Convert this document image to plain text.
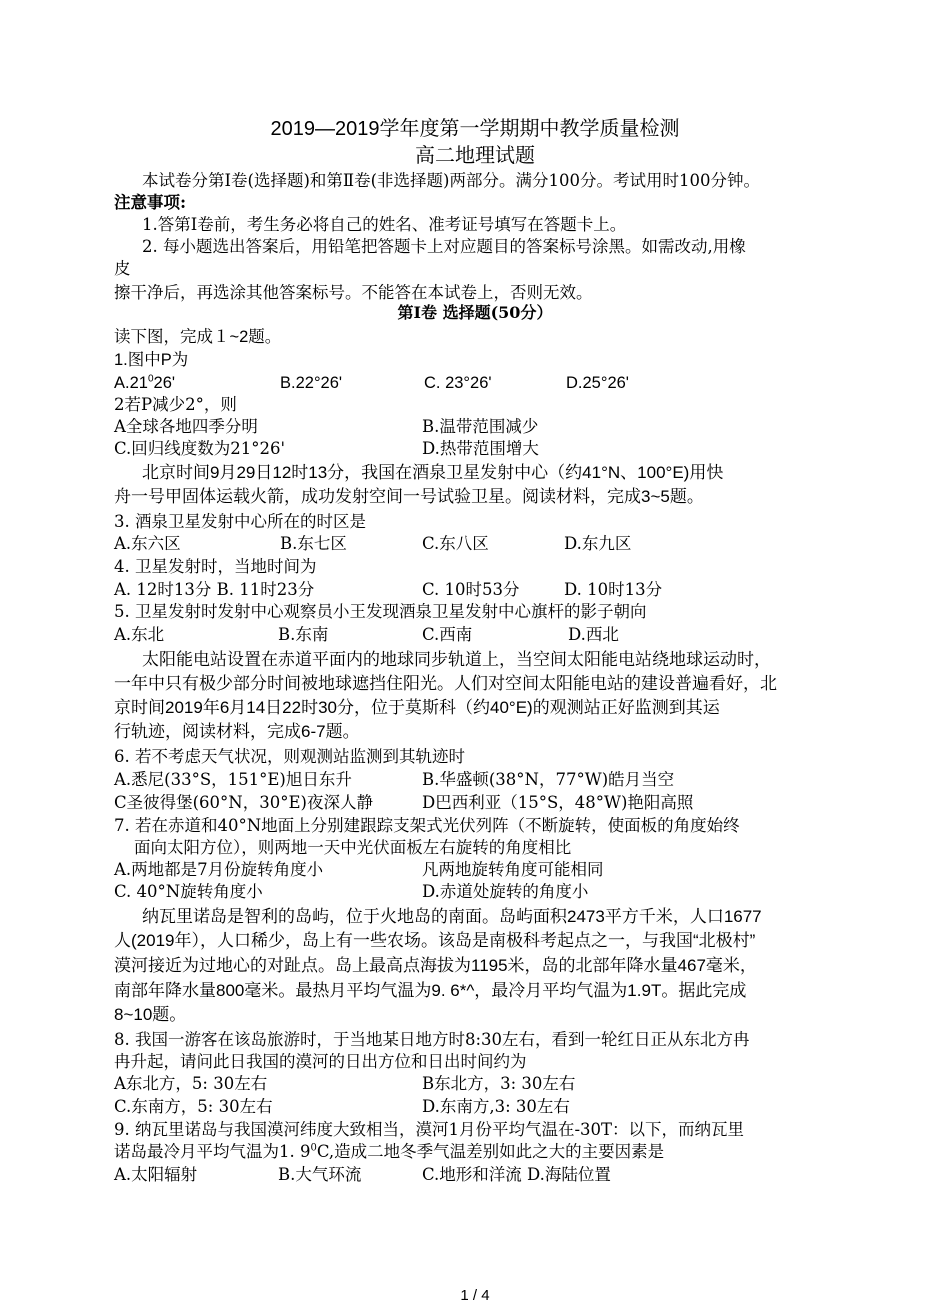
2019—2019学年度第一学期期中教学质量检测
高二地理试题
本试卷分第Ⅰ卷(选择题)和第Ⅱ卷(非选择题)两部分。满分100分。考试用时100分钟。
注意事项:
1.答第Ⅰ卷前，考生务必将自己的姓名、准考证号填写在答题卡上。
2. 每小题选出答案后，用铅笔把答题卡上对应题目的答案标号涂黑。如需改动,用橡
皮
擦干净后，再选涂其他答案标号。不能答在本试卷上，否则无效。
第Ⅰ卷 选择题(50分）
读下图，完成１~2题。
1.图中P为
$A.21^026'$	B.22°26'	C. 23°26'	D.25°26'
2若P减少2°，则
A全球各地四季分明	B.温带范围减少
C.回归线度数为21°26'	D.热带范围增大
北京时间9月29日12时13分，我国在酒泉卫星发射中心（约41°N、100°E)用快
舟一号甲固体运载火箭，成功发射空间一号试验卫星。阅读材料，完成3~5题。
3. 酒泉卫星发射中心所在的时区是
A.东六区	B.东七区	C.东八区	D.东九区
4. 卫星发射时，当地时间为
A. 12时13分 B. 11时23分	C. 10时53分	D. 10时13分
5. 卫星发射时发射中心观察员小王发现酒泉卫星发射中心旗杆的影子朝向
A.东北	B.东南	C.西南	D.西北
太阳能电站设置在赤道平面内的地球同步轨道上，当空间太阳能电站绕地球运动时，
一年中只有极少部分时间被地球遮挡住阳光。人们对空间太阳能电站的建设普遍看好，北
京时间2019年6月14日22时30分，位于莫斯科（约40°E)的观测站正好监测到其运
行轨迹，阅读材料，完成6-7题。
6. 若不考虑天气状况，则观测站监测到其轨迹时
A.悉尼(33°S，151°E)旭日东升	B.华盛顿(38°N，77°W)皓月当空
C圣彼得堡(60°N，30°E)夜深人静	D巴西利亚（15°S，48°W)艳阳高照
7. 若在赤道和40°N地面上分别建跟踪支架式光伏列阵（不断旋转，使面板的角度始终
面向太阳方位），则两地一天中光伏面板左右旋转的角度相比
A.两地都是7月份旋转角度小	凡两地旋转角度可能相同
C. 40°N旋转角度小	D.赤道处旋转的角度小
纳瓦里诺岛是智利的岛屿，位于火地岛的南面。岛屿面积2473平方千米，人口1677
人(2019年），人口稀少，岛上有一些农场。该岛是南极科考起点之一，与我国“北极村”
漠河接近为过地心的对趾点。岛上最高点海拔为1195米，岛的北部年降水量467毫米，
南部年降水量800毫米。最热月平均气温为9. 6*^，最冷月平均气温为1.9T。据此完成
8~10题。
8. 我国一游客在该岛旅游时，于当地某日地方时8:30左右，看到一轮红日正从东北方冉
冉升起，请问此日我国的漠河的日出方位和日出时间约为
A东北方，5: 30左右	B东北方，3: 30左右
C.东南方，5: 30左右	D.东南方,3: 30左右
9. 纳瓦里诺岛与我国漠河纬度大致相当，漠河1月份平均气温在-30T：以下，而纳瓦里
诺岛最冷月平均气温为1. $9^0C$,造成二地冬季气温差别如此之大的主要因素是
A.太阳辐射	B.大气环流	C.地形和洋流 D.海陆位置
1 / 4
